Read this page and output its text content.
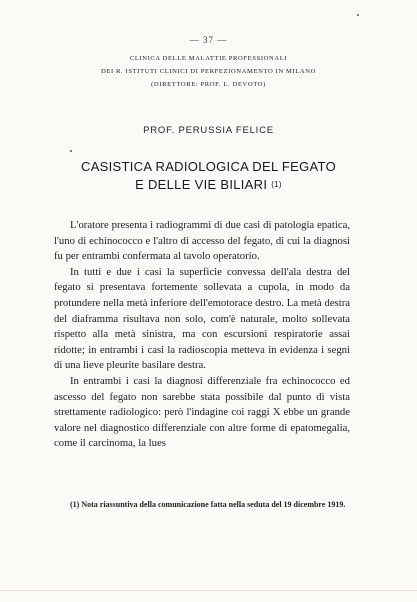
— 37 —
CLINICA DELLE MALATTIE PROFESSIONALI
DEI R. ISTITUTI CLINICI DI PERFEZIONAMENTO IN MILANO
(DIRETTORE: PROF. L. DEVOTO)
PROF. PERUSSIA FELICE
CASISTICA RADIOLOGICA DEL FEGATO
E DELLE VIE BILIARI $^{(1)}$

L'oratore presenta i radiogrammi di due casi di patologia epatica, l'uno di echinococco e l'altro di accesso del fegato, di cui la diagnosi fu per entrambi confermata al tavolo operatorio.

In tutti e due i casi la superficie convessa dell'ala destra del fegato si presentava fortemente sollevata a cupola, in modo da protundere nella metà inferiore dell'emotorace destro. La metà destra del diaframma risultava non solo, com'è naturale, molto sollevata rispetto alla metà sinistra, ma con escursioni respiratorie assai ridotte; in entrambi i casi la radioscopia metteva in evidenza i segni di una lieve pleurite basilare destra.

In entrambi i casi la diagnosi differenziale fra echinococco ed ascesso del fegato non sarebbe stata possibile dal punto di vista strettamente radiologico: però l'indagine coi raggi X ebbe un grande valore nel diagnostico differenziale con altre forme di epatomegalia, come il carcinoma, la lues

(1) Nota riassuntiva della comunicazione fatta nella seduta del 19 dicembre 1919.
